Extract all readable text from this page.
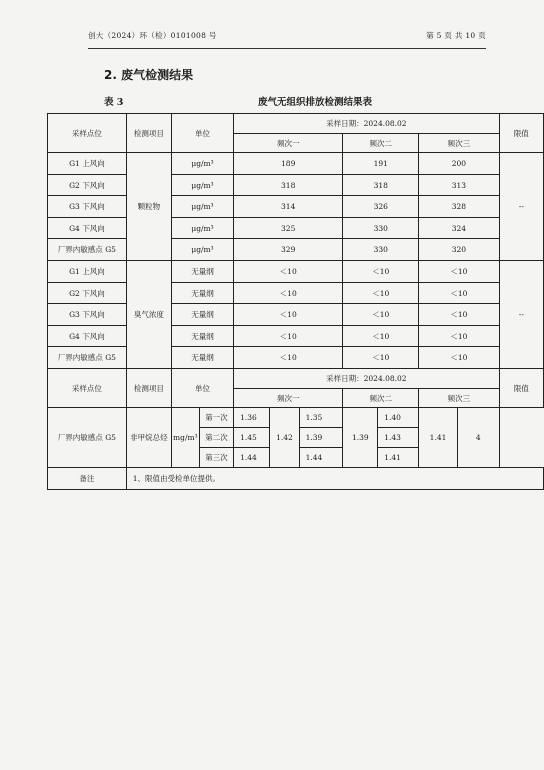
创大（2024）环（检）0101008 号	第 5 页 共 10 页
2. 废气检测结果
表 3	废气无组织排放检测结果表
采样点位	检测项目	单位		采样日期：2024.08.02							限值
				频次一			频次二		频次三		
G1 上风向	颗粒物	μg/m³		189			191		200		--
G2 下风向		μg/m³		318			318		313		
G3 下风向		μg/m³		314			326		328		
G4 下风向		μg/m³		325			330		324		
厂界内敏感点 G5		μg/m³		329			330		320		
G1 上风向	臭气浓度	无量纲		＜10			＜10		＜10		--
G2 下风向		无量纲		＜10			＜10		＜10		
G3 下风向		无量纲		＜10			＜10		＜10		
G4 下风向		无量纲		＜10			＜10		＜10		
厂界内敏感点 G5		无量纲		＜10			＜10		＜10		
采样点位	检测项目	单位		采样日期：2024.08.02							限值
				频次一			频次二		频次三		
厂界内敏感点 G5	非甲烷总烃	mg/m³	第一次	1.36	1.42	1.35	1.39	1.40	1.41	4	
			第二次	1.45		1.39		1.43			
			第三次	1.44		1.44		1.41			
备注	1、限值由受检单位提供。										
